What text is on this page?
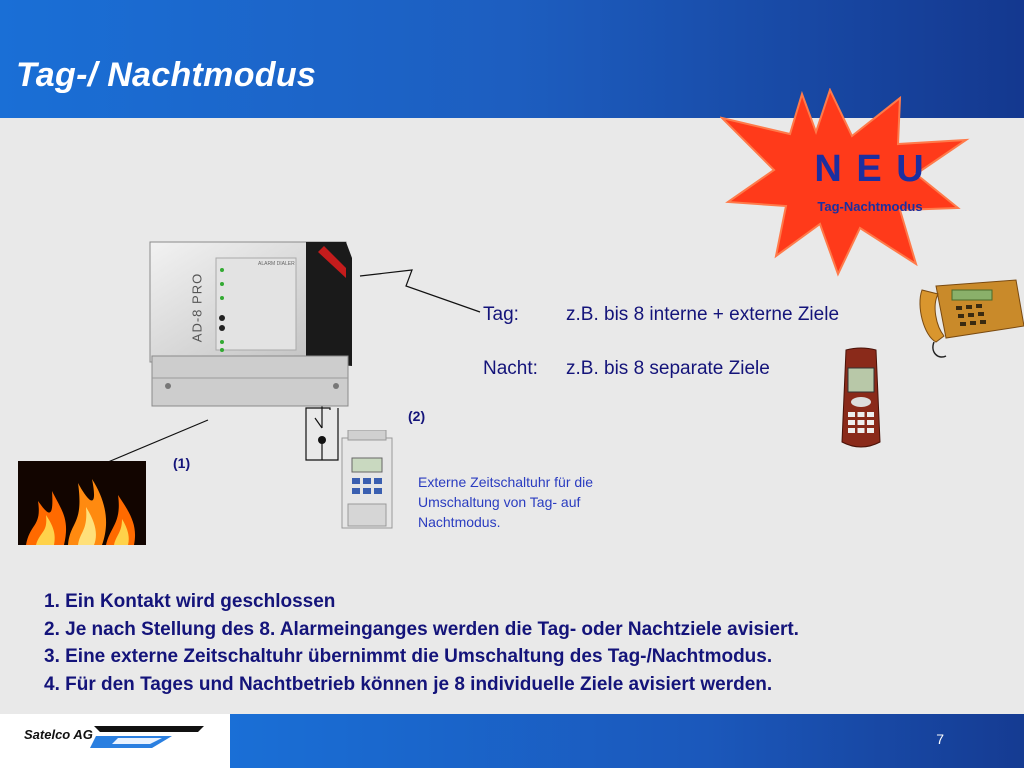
Tag-/ Nachtmodus
N E U
Tag-Nachtmodus
AD-8 PRO
ALARM DIALER
Tag: z.B. bis 8 interne + externe Ziele
Nacht: z.B. bis 8 separate Ziele
(2)
(1)
Externe Zeitschaltuhr für die Umschaltung von Tag- auf Nachtmodus.
1. Ein Kontakt wird geschlossen
2. Je nach Stellung des 8. Alarmeinganges werden die Tag- oder Nachtziele avisiert.
3. Eine externe Zeitschaltuhr übernimmt die Umschaltung des Tag-/Nachtmodus.
4. Für den Tages und Nachtbetrieb können je 8 individuelle Ziele avisiert werden.
7
Satelco AG
